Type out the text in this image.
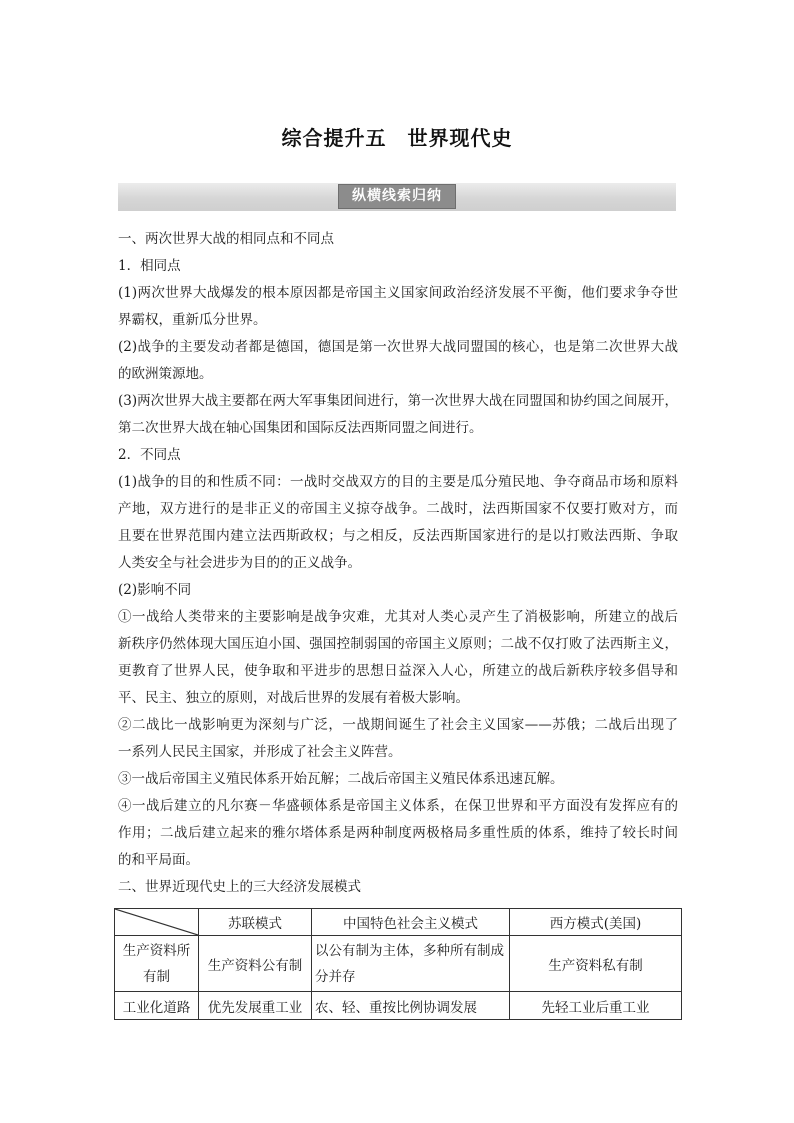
综合提升五　世界现代史
纵横线索归纳
一、两次世界大战的相同点和不同点
1．相同点
(1)两次世界大战爆发的根本原因都是帝国主义国家间政治经济发展不平衡，他们要求争夺世
界霸权，重新瓜分世界。
(2)战争的主要发动者都是德国，德国是第一次世界大战同盟国的核心，也是第二次世界大战
的欧洲策源地。
(3)两次世界大战主要都在两大军事集团间进行，第一次世界大战在同盟国和协约国之间展开，
第二次世界大战在轴心国集团和国际反法西斯同盟之间进行。
2．不同点
(1)战争的目的和性质不同：一战时交战双方的目的主要是瓜分殖民地、争夺商品市场和原料
产地，双方进行的是非正义的帝国主义掠夺战争。二战时，法西斯国家不仅要打败对方，而
且要在世界范围内建立法西斯政权；与之相反，反法西斯国家进行的是以打败法西斯、争取
人类安全与社会进步为目的的正义战争。
(2)影响不同
①一战给人类带来的主要影响是战争灾难，尤其对人类心灵产生了消极影响，所建立的战后
新秩序仍然体现大国压迫小国、强国控制弱国的帝国主义原则；二战不仅打败了法西斯主义，
更教育了世界人民，使争取和平进步的思想日益深入人心，所建立的战后新秩序较多倡导和
平、民主、独立的原则，对战后世界的发展有着极大影响。
②二战比一战影响更为深刻与广泛，一战期间诞生了社会主义国家——苏俄；二战后出现了
一系列人民民主国家，并形成了社会主义阵营。
③一战后帝国主义殖民体系开始瓦解；二战后帝国主义殖民体系迅速瓦解。
④一战后建立的凡尔赛－华盛顿体系是帝国主义体系，在保卫世界和平方面没有发挥应有的
作用；二战后建立起来的雅尔塔体系是两种制度两极格局多重性质的体系，维持了较长时间
的和平局面。
二、世界近现代史上的三大经济发展模式
	苏联模式	中国特色社会主义模式	西方模式(美国)
生产资料所有制	生产资料公有制	以公有制为主体，多种所有制成分并存	生产资料私有制
工业化道路	优先发展重工业	农、轻、重按比例协调发展	先轻工业后重工业
